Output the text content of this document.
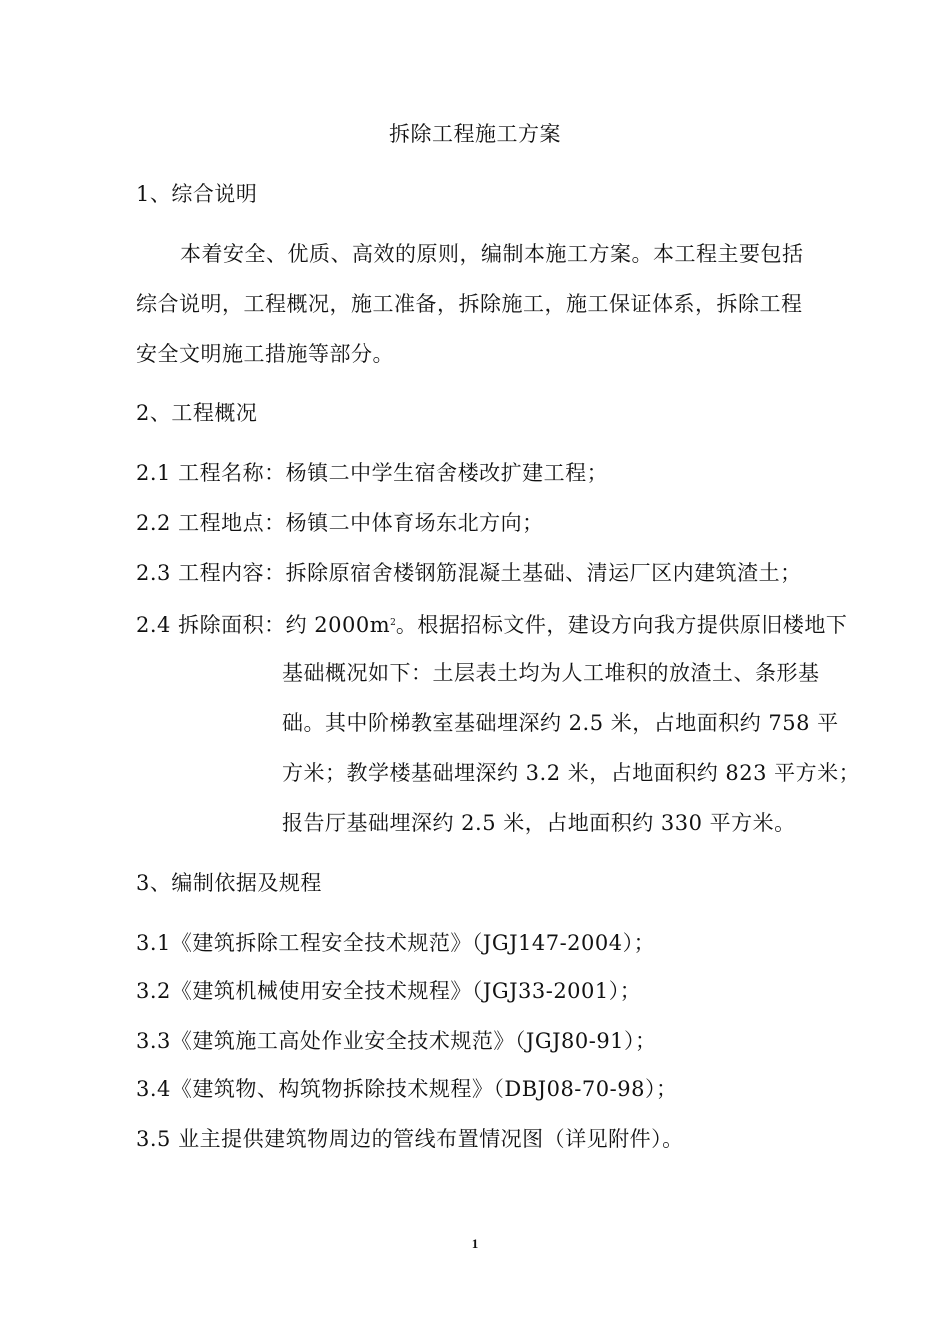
拆除工程施工方案
1、综合说明
本着安全、优质、高效的原则，编制本施工方案。本工程主要包括
综合说明，工程概况，施工准备，拆除施工，施工保证体系，拆除工程
安全文明施工措施等部分。
2、工程概况
2.1 工程名称：杨镇二中学生宿舍楼改扩建工程；
2.2 工程地点：杨镇二中体育场东北方向；
2.3 工程内容：拆除原宿舍楼钢筋混凝土基础、清运厂区内建筑渣土；
2.4 拆除面积：约 $2000m^2$。根据招标文件，建设方向我方提供原旧楼地下
基础概况如下：土层表土均为人工堆积的放渣土、条形基
础。其中阶梯教室基础埋深约 2.5 米，占地面积约 758 平
方米；教学楼基础埋深约 3.2 米，占地面积约 823 平方米；
报告厅基础埋深约 2.5 米，占地面积约 330 平方米。
3、编制依据及规程
3.1《建筑拆除工程安全技术规范》（JGJ147-2004）；
3.2《建筑机械使用安全技术规程》（JGJ33-2001）；
3.3《建筑施工高处作业安全技术规范》（JGJ80-91）；
3.4《建筑物、构筑物拆除技术规程》（DBJ08-70-98）；
3.5 业主提供建筑物周边的管线布置情况图（详见附件）。
1
